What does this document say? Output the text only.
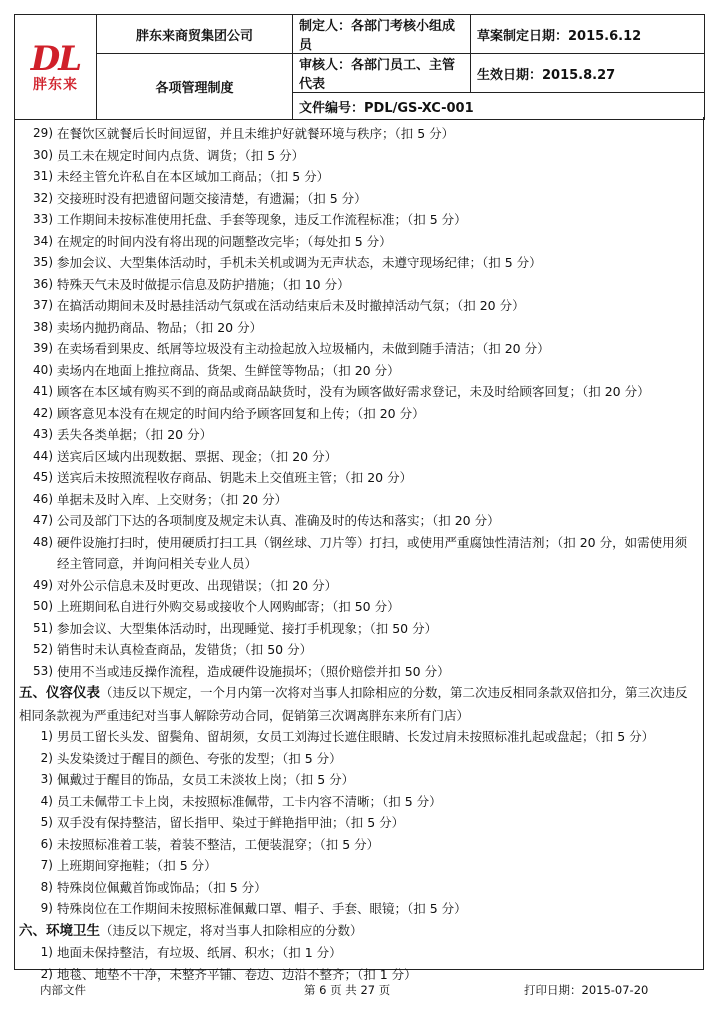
DL
胖东来	胖东来商贸集团公司	制定人：各部门考核小组成员	草案制定日期：2015.6.12
	各项管理制度	审核人：各部门员工、主管代表	生效日期：2015.8.27
		文件编号：PDL/GS-XC-001	
29) 在餐饮区就餐后长时间逗留，并且未维护好就餐环境与秩序；（扣 5 分）
30) 员工未在规定时间内点货、调货；（扣 5 分）
31) 未经主管允许私自在本区域加工商品；（扣 5 分）
32) 交接班时没有把遗留问题交接清楚，有遗漏；（扣 5 分）
33) 工作期间未按标准使用托盘、手套等现象，违反工作流程标准；（扣 5 分）
34) 在规定的时间内没有将出现的问题整改完毕；（每处扣 5 分）
35) 参加会议、大型集体活动时，手机未关机或调为无声状态，未遵守现场纪律；（扣 5 分）
36) 特殊天气未及时做提示信息及防护措施；（扣 10 分）
37) 在搞活动期间未及时悬挂活动气氛或在活动结束后未及时撤掉活动气氛；（扣 20 分）
38) 卖场内抛扔商品、物品；（扣 20 分）
39) 在卖场看到果皮、纸屑等垃圾没有主动捡起放入垃圾桶内，未做到随手清洁；（扣 20 分）
40) 卖场内在地面上推拉商品、货架、生鲜筐等物品；（扣 20 分）
41) 顾客在本区域有购买不到的商品或商品缺货时，没有为顾客做好需求登记，未及时给顾客回复；（扣 20 分）
42) 顾客意见本没有在规定的时间内给予顾客回复和上传；（扣 20 分）
43) 丢失各类单据；（扣 20 分）
44) 送宾后区域内出现数据、票据、现金；（扣 20 分）
45) 送宾后未按照流程收存商品、钥匙未上交值班主管；（扣 20 分）
46) 单据未及时入库、上交财务；（扣 20 分）
47) 公司及部门下达的各项制度及规定未认真、准确及时的传达和落实；（扣 20 分）
48) 硬件设施打扫时，使用硬质打扫工具（钢丝球、刀片等）打扫，或使用严重腐蚀性清洁剂；（扣 20 分，如需使用须经主管同意，并询问相关专业人员）
49) 对外公示信息未及时更改、出现错误；（扣 20 分）
50) 上班期间私自进行外购交易或接收个人网购邮寄；（扣 50 分）
51) 参加会议、大型集体活动时，出现睡觉、接打手机现象；（扣 50 分）
52) 销售时未认真检查商品，发错货；（扣 50 分）
53) 使用不当或违反操作流程，造成硬件设施损坏；（照价赔偿并扣 50 分）
五、仪容仪表（违反以下规定，一个月内第一次将对当事人扣除相应的分数，第二次违反相同条款双倍扣分，第三次违反相同条款视为严重违纪对当事人解除劳动合同，促销第三次调离胖东来所有门店）
1) 男员工留长头发、留鬓角、留胡须，女员工刘海过长遮住眼睛、长发过肩未按照标准扎起或盘起；（扣 5 分）
2) 头发染烫过于醒目的颜色、夸张的发型；（扣 5 分）
3) 佩戴过于醒目的饰品，女员工未淡妆上岗；（扣 5 分）
4) 员工未佩带工卡上岗，未按照标准佩带，工卡内容不清晰；（扣 5 分）
5) 双手没有保持整洁，留长指甲、染过于鲜艳指甲油；（扣 5 分）
6) 未按照标准着工装，着装不整洁，工便装混穿；（扣 5 分）
7) 上班期间穿拖鞋；（扣 5 分）
8) 特殊岗位佩戴首饰或饰品；（扣 5 分）
9) 特殊岗位在工作期间未按照标准佩戴口罩、帽子、手套、眼镜；（扣 5 分）
六、环境卫生（违反以下规定，将对当事人扣除相应的分数）
1) 地面未保持整洁，有垃圾、纸屑、积水；（扣 1 分）
2) 地毯、地垫不干净，未整齐平铺、卷边、边沿不整齐；（扣 1 分）
内部文件	第 6 页 共 27 页	打印日期：2015-07-20
